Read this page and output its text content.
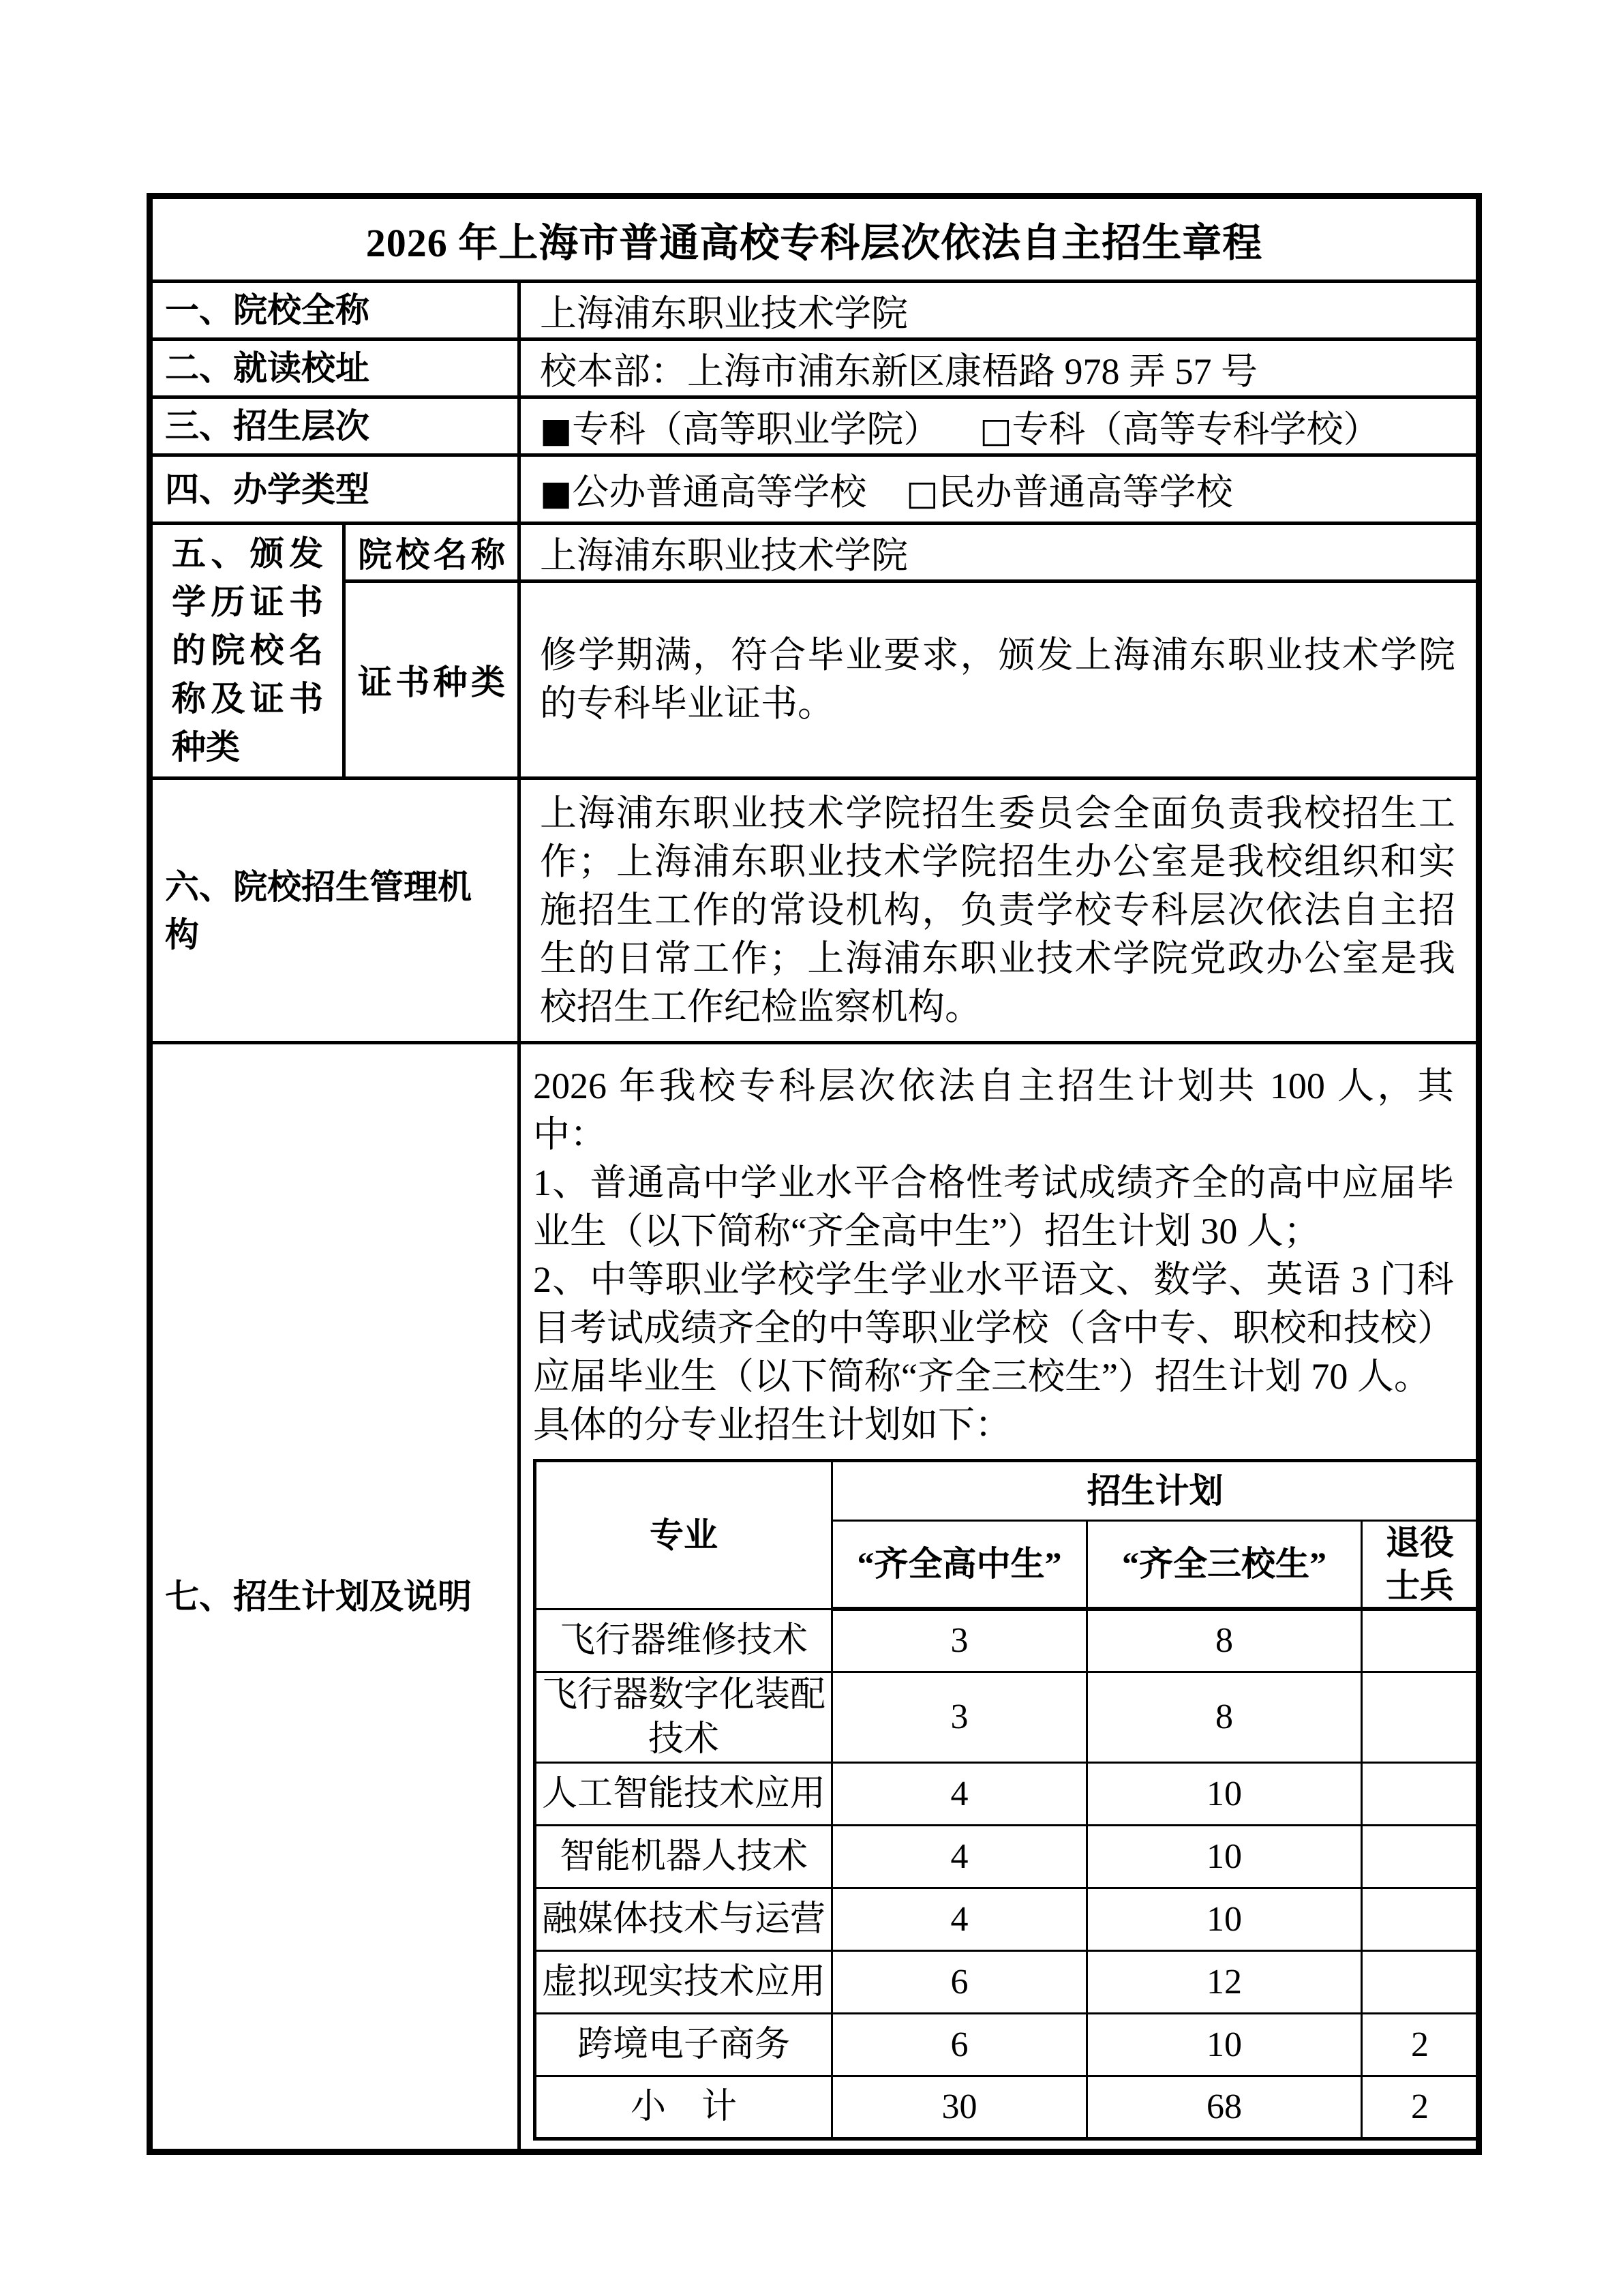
2026 年上海市普通高校专科层次依法自主招生章程
一、院校全称	上海浦东职业技术学院
二、就读校址	校本部：上海市浦东新区康梧路 978 弄 57 号
三、招生层次	■专科（高等职业学院） □专科（高等专科学校）
四、办学类型	■公办普通高等学校 □民办普通高等学校
五、颁发学历证书的院校名称及证书种类	院校名称	上海浦东职业技术学院
证书种类	修学期满，符合毕业要求，颁发上海浦东职业技术学院的专科毕业证书。
六、院校招生管理机构	上海浦东职业技术学院招生委员会全面负责我校招生工作；上海浦东职业技术学院招生办公室是我校组织和实施招生工作的常设机构，负责学校专科层次依法自主招生的日常工作；上海浦东职业技术学院党政办公室是我校招生工作纪检监察机构。
七、招生计划及说明	

2026 年我校专科层次依法自主招生计划共 100 人，其中：

1、普通高中学业水平合格性考试成绩齐全的高中应届毕业生（以下简称“齐全高中生”）招生计划 30 人；

2、中等职业学校学生学业水平语文、数学、英语 3 门科目考试成绩齐全的中等职业学校（含中专、职校和技校）应届毕业生（以下简称“齐全三校生”）招生计划 70 人。

具体的分专业招生计划如下：

专业	招生计划
“齐全高中生”	“齐全三校生”	退役士兵
飞行器维修技术	3	8	
飞行器数字化装配技术	3	8	
人工智能技术应用	4	10	
智能机器人技术	4	10	
融媒体技术与运营	4	10	
虚拟现实技术应用	6	12	
跨境电子商务	6	10	2
小　计	30	68	2
